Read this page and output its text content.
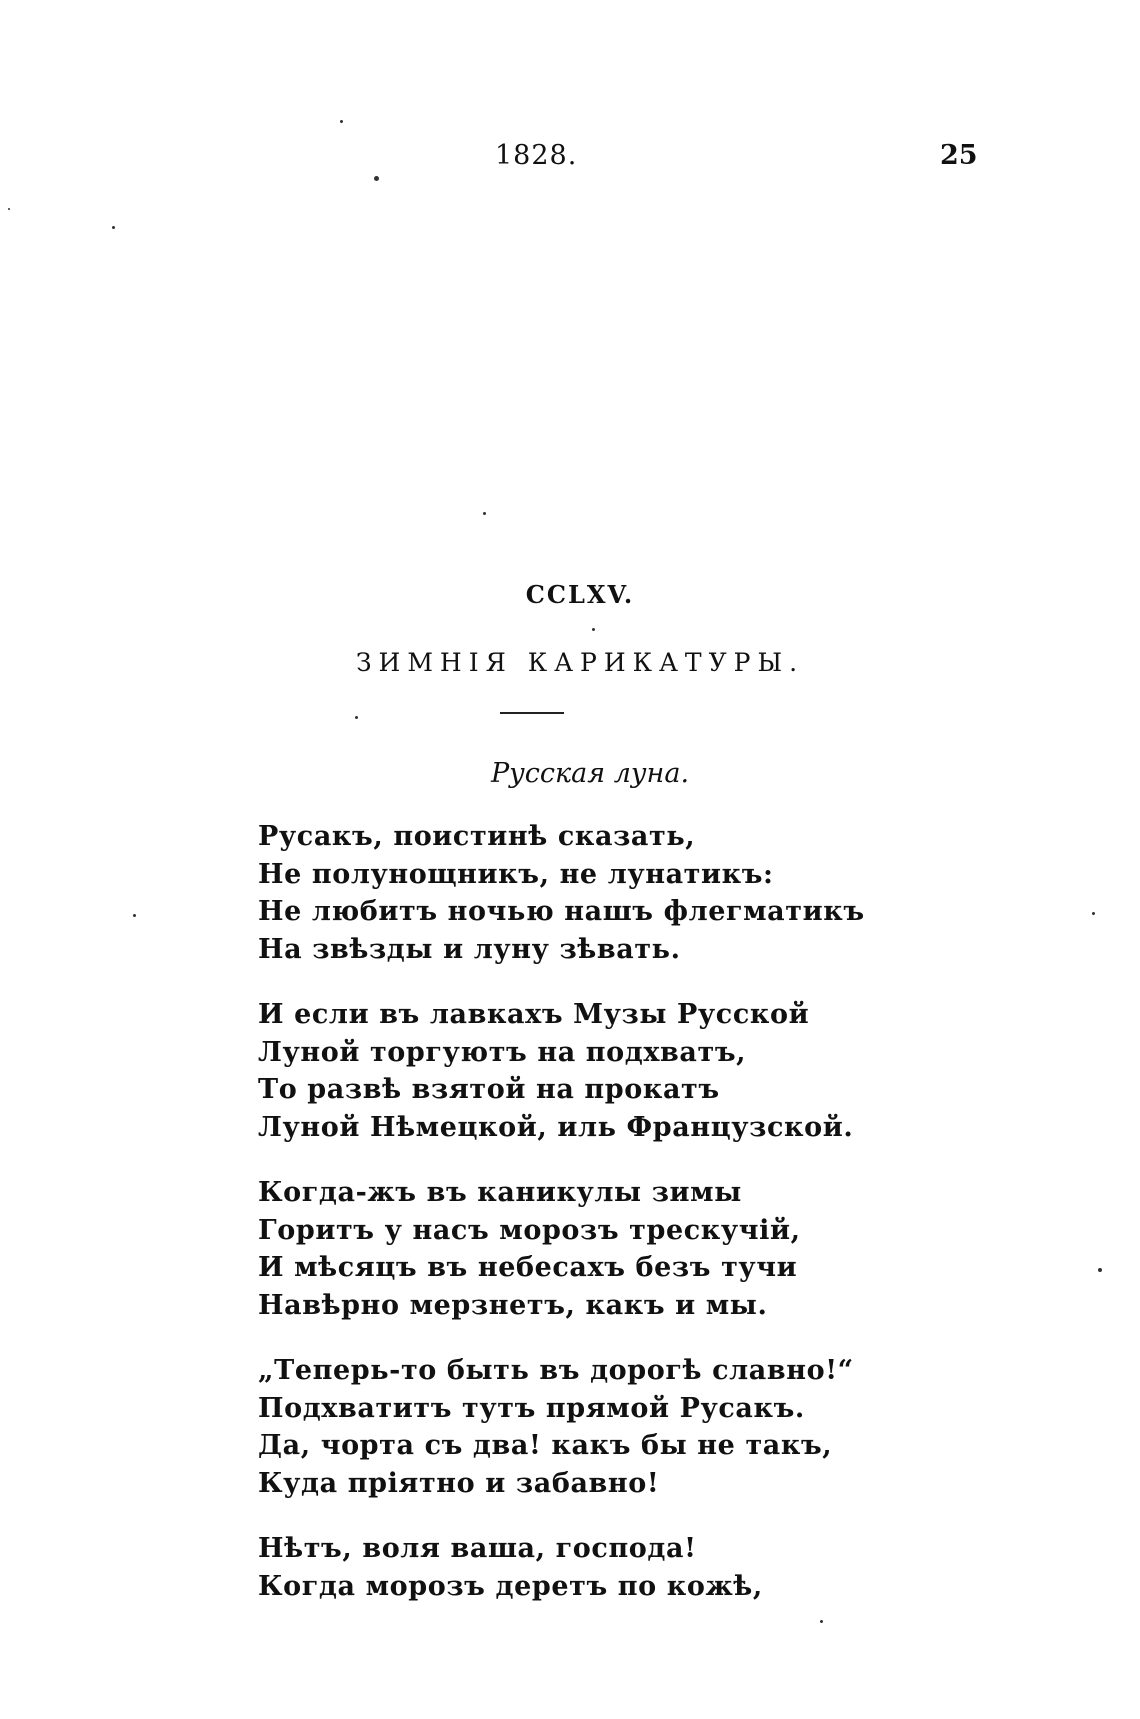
1828.	25
CCLXV.
ЗИМНІЯ КАРИКАТУРЫ.
Русская луна.
Русакъ, поистинѣ сказать,
Не полунощникъ, не лунатикъ:
Не любитъ ночью нашъ флегматикъ
На звѣзды и луну зѣвать.
И если въ лавкахъ Музы Русской
Луной торгуютъ на подхватъ,
То развѣ взятой на прокатъ
Луной Нѣмецкой, иль Французской.
Когда-жъ въ каникулы зимы
Горитъ у насъ морозъ трескучій,
И мѣсяцъ въ небесахъ безъ тучи
Навѣрно мерзнетъ, какъ и мы.
„Теперь-то быть въ дорогѣ славно!“
Подхватитъ тутъ прямой Русакъ.
Да, чорта съ два! какъ бы не такъ,
Куда пріятно и забавно!
Нѣтъ, воля ваша, господа!
Когда морозъ деретъ по кожѣ,
